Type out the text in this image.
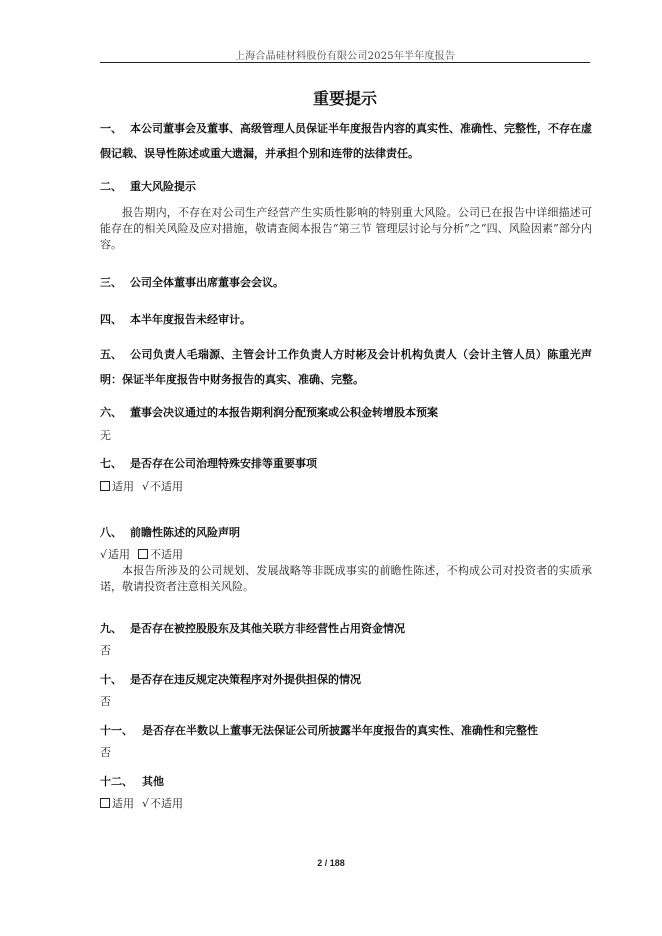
上海合晶硅材料股份有限公司2025年半年度报告
重要提示
一、 本公司董事会及董事、高级管理人员保证半年度报告内容的真实性、准确性、完整性，不存在虚假记载、误导性陈述或重大遗漏，并承担个别和连带的法律责任。
二、 重大风险提示
报告期内，不存在对公司生产经营产生实质性影响的特别重大风险。公司已在报告中详细描述可能存在的相关风险及应对措施，敬请查阅本报告“第三节 管理层讨论与分析”之“四、风险因素”部分内容。
三、 公司全体董事出席董事会会议。
四、 本半年度报告未经审计。
五、 公司负责人毛瑞源、主管会计工作负责人方时彬及会计机构负责人（会计主管人员）陈重光声明：保证半年度报告中财务报告的真实、准确、完整。
六、 董事会决议通过的本报告期利润分配预案或公积金转增股本预案
无
七、 是否存在公司治理特殊安排等重要事项
适用 √不适用
八、 前瞻性陈述的风险声明
√适用 不适用
本报告所涉及的公司规划、发展战略等非既成事实的前瞻性陈述，不构成公司对投资者的实质承诺，敬请投资者注意相关风险。
九、 是否存在被控股股东及其他关联方非经营性占用资金情况
否
十、 是否存在违反规定决策程序对外提供担保的情况
否
十一、 是否存在半数以上董事无法保证公司所披露半年度报告的真实性、准确性和完整性
否
十二、 其他
适用 √不适用
2 / 188
